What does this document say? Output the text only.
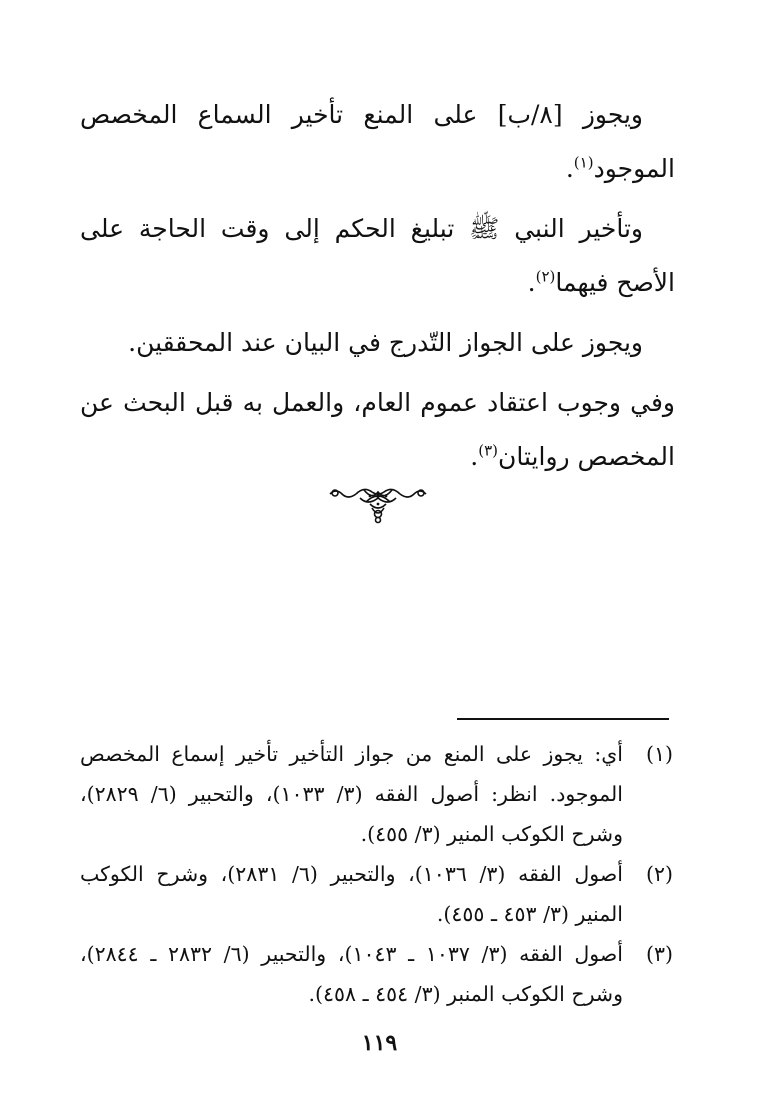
ويجوز [٨/ب] على المنع تأخير السماع المخصص الموجود$^{(١)}$.

وتأخير النبي ﷺ تبليغ الحكم إلى وقت الحاجة على الأصح فيهما$^{(٢)}$.

ويجوز على الجواز التّدرج في البيان عند المحققين.

وفي وجوب اعتقاد عموم العام، والعمل به قبل البحث عن المخصص روايتان$^{(٣)}$.

(١)
أي: يجوز على المنع من جواز التأخير تأخير إسماع المخصص الموجود. انظر: أصول الفقه (٣/ ١٠٣٣)، والتحبير (٦/ ٢٨٢٩)، وشرح الكوكب المنير (٣/ ٤٥٥).

(٢)
أصول الفقه (٣/ ١٠٣٦)، والتحبير (٦/ ٢٨٣١)، وشرح الكوكب المنير (٣/ ٤٥٣ ـ ٤٥٥).

(٣)
أصول الفقه (٣/ ١٠٣٧ ـ ١٠٤٣)، والتحبير (٦/ ٢٨٣٢ ـ ٢٨٤٤)، وشرح الكوكب المنبر (٣/ ٤٥٤ ـ ٤٥٨).

١١٩
